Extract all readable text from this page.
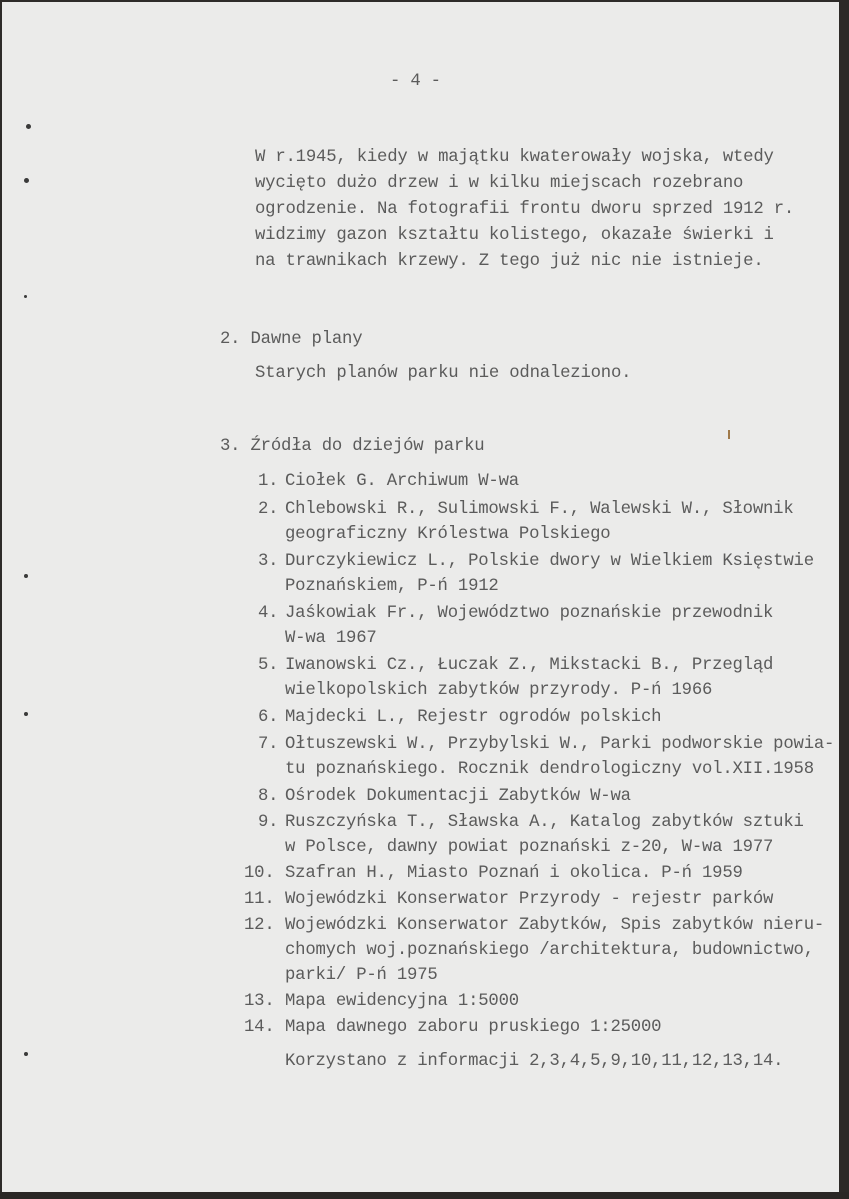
- 4 -
W r.1945, kiedy w majątku kwaterowały wojska, wtedy
wycięto dużo drzew i w kilku miejscach rozebrano
ogrodzenie. Na fotografii frontu dworu sprzed 1912 r.
widzimy gazon kształtu kolistego, okazałe świerki i
na trawnikach krzewy. Z tego już nic nie istnieje.
2. Dawne plany
Starych planów parku nie odnaleziono.
3. Źródła do dziejów parku
1. Ciołek G. Archiwum W-wa
2. Chlebowski R., Sulimowski F., Walewski W., Słownik
geograficzny Królestwa Polskiego
3. Durczykiewicz L., Polskie dwory w Wielkiem Księstwie
Poznańskiem, P-ń 1912
4. Jaśkowiak Fr., Województwo poznańskie przewodnik
W-wa 1967
5. Iwanowski Cz., Łuczak Z., Mikstacki B., Przegląd
wielkopolskich zabytków przyrody. P-ń 1966
6. Majdecki L., Rejestr ogrodów polskich
7. Ołtuszewski W., Przybylski W., Parki podworskie powia-
tu poznańskiego. Rocznik dendrologiczny vol.XII.1958
8. Ośrodek Dokumentacji Zabytków W-wa
9. Ruszczyńska T., Sławska A., Katalog zabytków sztuki
w Polsce, dawny powiat poznański z-20, W-wa 1977
10. Szafran H., Miasto Poznań i okolica. P-ń 1959
11. Wojewódzki Konserwator Przyrody - rejestr parków
12. Wojewódzki Konserwator Zabytków, Spis zabytków nieru-
chomych woj.poznańskiego /architektura, budownictwo,
parki/ P-ń 1975
13. Mapa ewidencyjna 1:5000
14. Mapa dawnego zaboru pruskiego 1:25000
Korzystano z informacji 2,3,4,5,9,10,11,12,13,14.
